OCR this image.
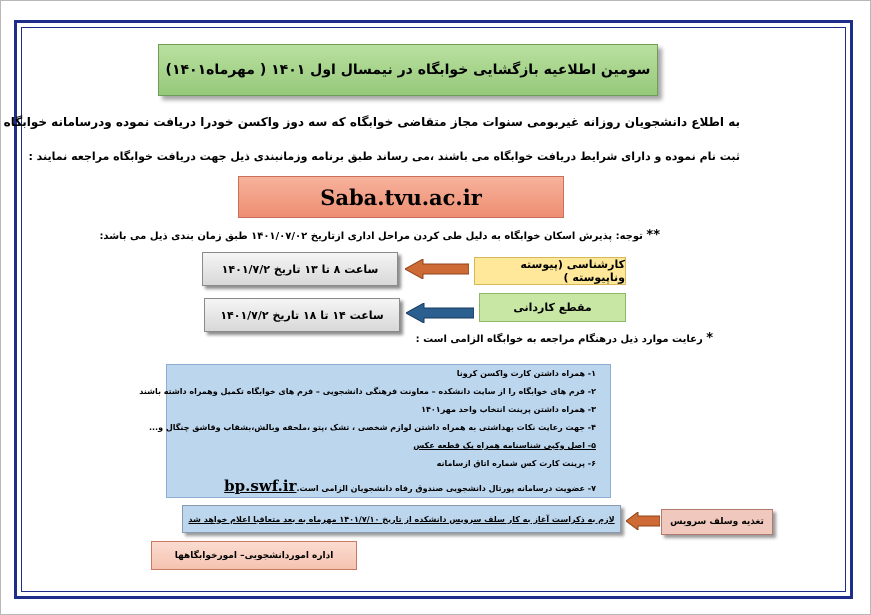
سومین اطلاعیه بازگشایی خوابگاه در نیمسال اول ۱۴۰۱ ( مهرماه۱۴۰۱)
به اطلاع دانشجویان روزانه غیربومی سنوات مجاز متقاضی خوابگاه که سه دوز واکسن خودرا دریافت نموده ودرسامانه خوابگاه
ثبت نام نموده و دارای شرایط دریافت خوابگاه می باشند ،می رساند طبق برنامه وزمانبندی ذیل جهت دریافت خوابگاه مراجعه نمایند :
Saba.tvu.ac.ir
** توجه: پذیرش اسکان خوابگاه به دلیل طی کردن مراحل اداری ازتاریخ ۱۴۰۱/۰۷/۰۲ طبق زمان بندی ذیل می باشد:
ساعت ۸ تا ۱۳ تاریخ ۱۴۰۱/۷/۲	کارشناسی (پیوسته وناپیوسته )
ساعت ۱۴ تا ۱۸ تاریخ ۱۴۰۱/۷/۲
مقطع کاردانی
* رعایت موارد ذیل درهنگام مراجعه به خوابگاه الزامی است :
۱- همراه داشتن کارت واکسن کرونا
۲- فرم های خوابگاه را از سایت دانشکده – معاونت فرهنگی دانشجویی – فرم های خوابگاه تکمیل وهمراه داشته باشند
۳- همراه داشتن پرینت انتخاب واحد مهر۱۴۰۱
۴- جهت رعایت نکات بهداشتی به همراه داشتن لوازم شخصی ، تشک ،پتو ،ملحفه وبالش،بشقاب وقاشق چنگال و...
۵- اصل وکپی شناسنامه همراه یک قطعه عکس
۶- پرینت کارت کس شماره اتاق ازسامانه
۷- عضویت درسامانه پورتال دانشجویی صندوق رفاه دانشجویان الزامی است.bp.swf.ir
لازم به ذکراست آغاز به کار سلف سرویس دانشکده از تاریخ ۱۴۰۱/۷/۱۰ مهرماه به بعد متعاقبا اعلام خواهد شد	تغذیه وسلف سرویس
اداره اموردانشجویی– امورخوابگاهها
